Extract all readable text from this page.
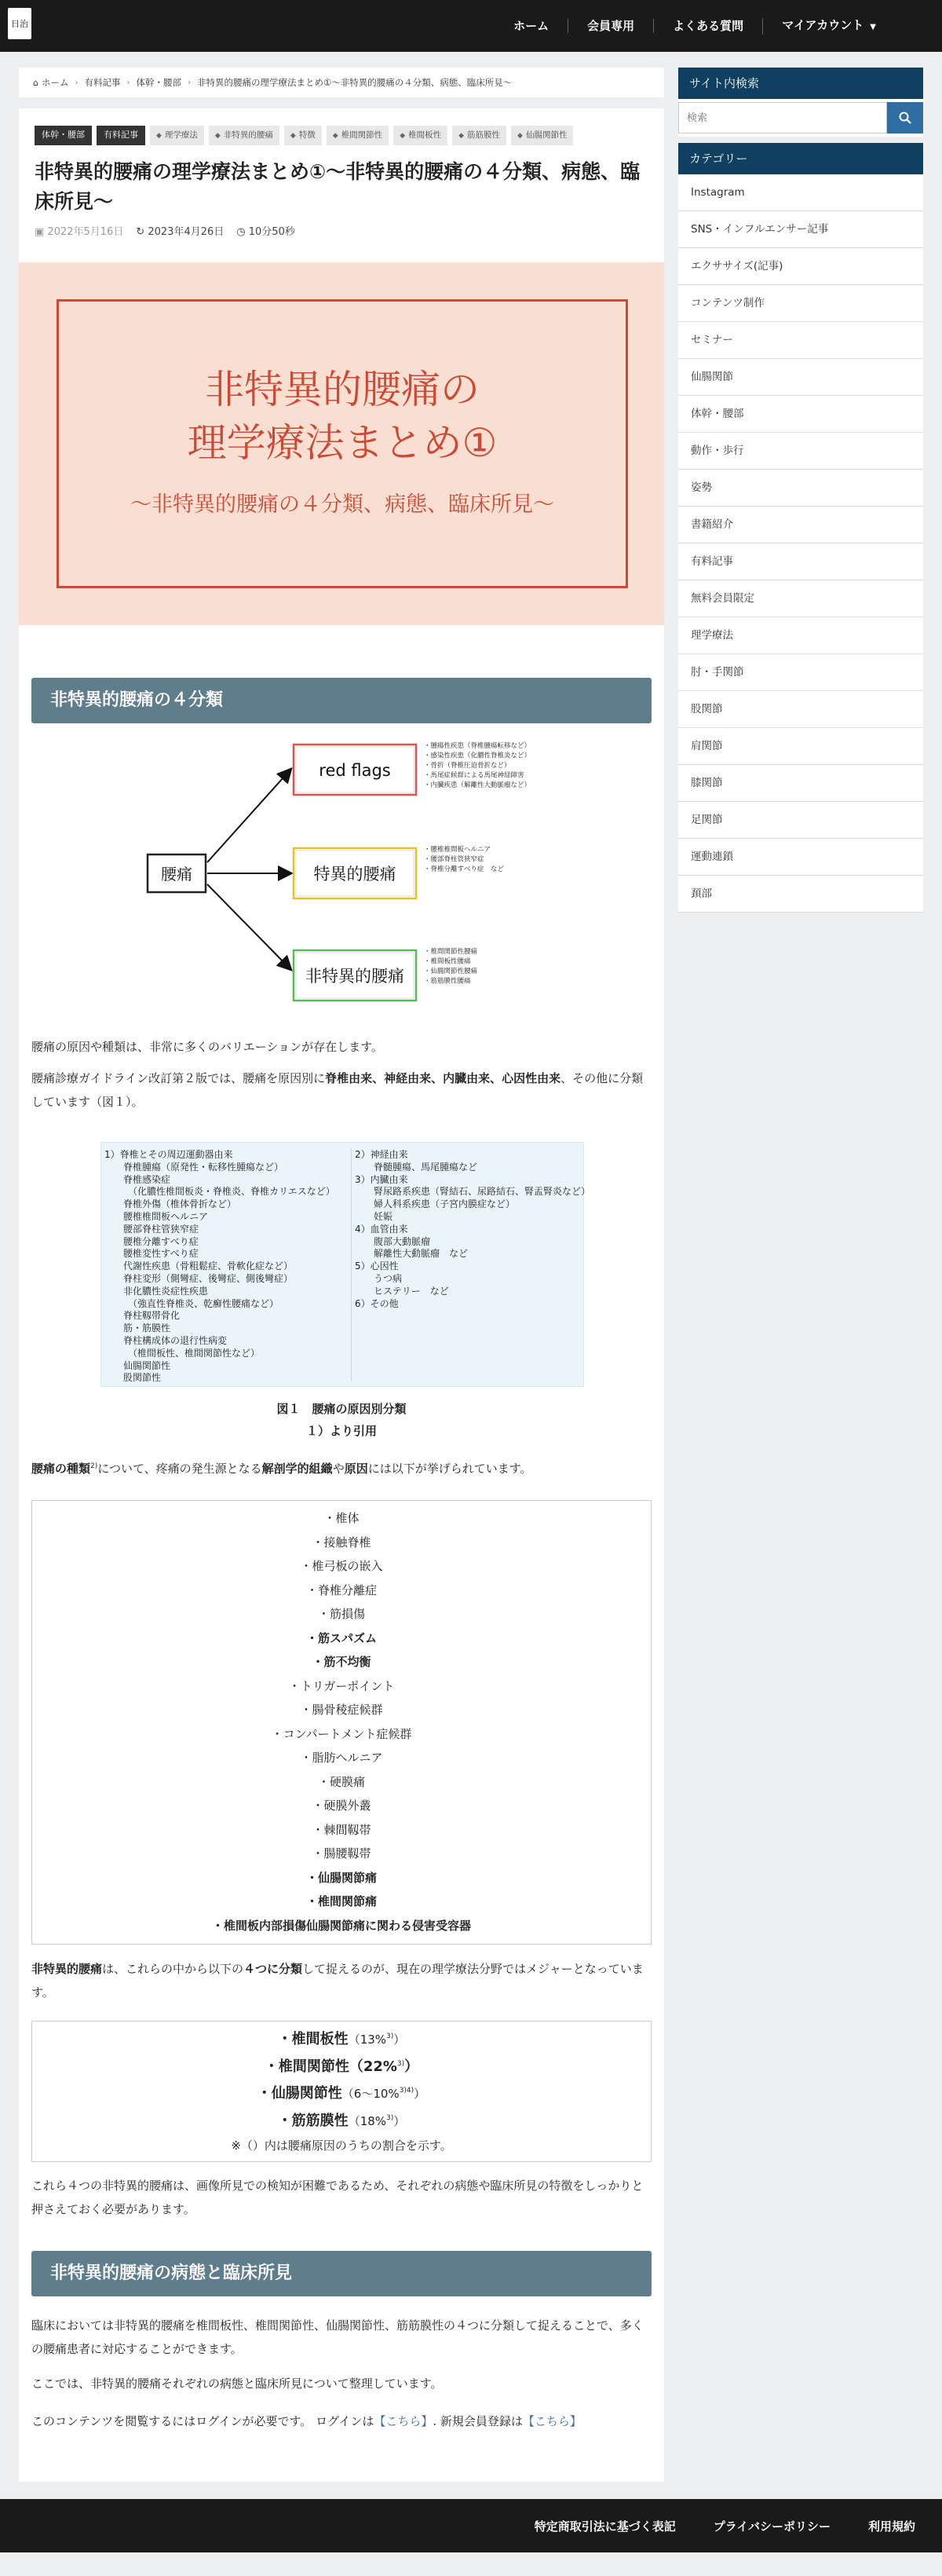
日治	ホーム	会員専用	よくある質問	マイアカウント ▼
⌂ ホーム › 有料記事 › 体幹・腰部 › 非特異的腰痛の理学療法まとめ①〜非特異的腰痛の４分類、病態、臨床所見〜
体幹・腰部	有料記事	◆ 理学療法	◆ 非特異的腰痛	◆ 特徴	◆ 椎間関節性	◆ 椎間板性	◆ 筋筋膜性	◆ 仙腸関節性
非特異的腰痛の理学療法まとめ①〜非特異的腰痛の４分類、病態、臨床所見〜
▣ 2022年5月16日 ↻ 2023年4月26日 ◷ 10分50秒
非特異的腰痛の
理学療法まとめ①
〜非特異的腰痛の４分類、病態、臨床所見〜
非特異的腰痛の４分類
腰痛
red flags
・腫瘍性疾患（脊椎腫瘍転移など）
・感染性疾患（化膿性脊椎炎など）
・骨折（脊椎圧迫骨折など）
・馬尾症候群による馬尾神経障害
・内臓疾患（解離性大動脈瘤など）
特異的腰痛
・腰椎椎間板ヘルニア
・腰部脊柱管狭窄症
・脊椎分離すべり症　など
非特異的腰痛
・椎間関節性腰痛
・椎間板性腰痛
・仙腸関節性腰痛
・筋筋膜性腰痛

腰痛の原因や種類は、非常に多くのバリエーションが存在します。

腰痛診療ガイドライン改訂第２版では、腰痛を原因別に脊椎由来、神経由来、内臓由来、心因性由来、その他に分類しています（図１）。

1）脊椎とその周辺運動器由来
　　脊椎腫瘍（原発性・転移性腫瘍など）
　　脊椎感染症
　　　（化膿性椎間板炎・脊椎炎、脊椎カリエスなど）
　　脊椎外傷（椎体骨折など）
　　腰椎椎間板ヘルニア
　　腰部脊柱管狭窄症
　　腰椎分離すべり症
　　腰椎変性すべり症
　　代謝性疾患（骨粗鬆症、骨軟化症など）
　　脊柱変形（側彎症、後彎症、側後彎症）
　　非化膿性炎症性疾患
　　　（強直性脊椎炎、乾癬性腰痛など）
　　脊柱靱帯骨化
　　筋・筋膜性
　　脊柱構成体の退行性病変
　　　（椎間板性、椎間関節性など）
　　仙腸関節性
　　股関節性
2）神経由来
　　脊髄腫瘍、馬尾腫瘍など
3）内臓由来
　　腎尿路系疾患（腎結石、尿路結石、腎盂腎炎など）
　　婦人科系疾患（子宮内膜症など）
　　妊娠
4）血管由来
　　腹部大動脈瘤
　　解離性大動脈瘤　など
5）心因性
　　うつ病
　　ヒステリー　など
6）その他
図１　腰痛の原因別分類
１）より引用

腰痛の種類$^{2)}$について、疼痛の発生源となる解剖学的組織や原因には以下が挙げられています。

・椎体
・接触脊椎
・椎弓板の嵌入
・脊椎分離症
・筋損傷
・筋スパズム
・筋不均衡
・トリガーポイント
・腸骨稜症候群
・コンパートメント症候群
・脂肪ヘルニア
・硬膜痛
・硬膜外叢
・棘間靱帯
・腸腰靱帯
・仙腸関節痛
・椎間関節痛
・椎間板内部損傷仙腸関節痛に関わる侵害受容器

非特異的腰痛は、これらの中から以下の４つに分類して捉えるのが、現在の理学療法分野ではメジャーとなっています。

・椎間板性（13%$^{3)}$）
・椎間関節性（22%$^{3)}$）
・仙腸関節性（6〜10%$^{3)4)}$）
・筋筋膜性（18%$^{3)}$）
※（）内は腰痛原因のうちの割合を示す。

これら４つの非特異的腰痛は、画像所見での検知が困難であるため、それぞれの病態や臨床所見の特徴をしっかりと押さえておく必要があります。

非特異的腰痛の病態と臨床所見

臨床においては非特異的腰痛を椎間板性、椎間関節性、仙腸関節性、筋筋膜性の４つに分類して捉えることで、多くの腰痛患者に対応することができます。

ここでは、非特異的腰痛それぞれの病態と臨床所見について整理しています。

このコンテンツを閲覧するにはログインが必要です。 ログインは【こちら】. 新規会員登録は【こちら】

サイト内検索
検索
カテゴリー
Instagram
SNS・インフルエンサー記事
エクササイズ(記事)
コンテンツ制作
セミナー
仙腸関節
体幹・腰部
動作・歩行
姿勢
書籍紹介
有料記事
無料会員限定
理学療法
肘・手関節
股関節
肩関節
膝関節
足関節
運動連鎖
頚部
特定商取引法に基づく表記	プライバシーポリシー	利用規約
